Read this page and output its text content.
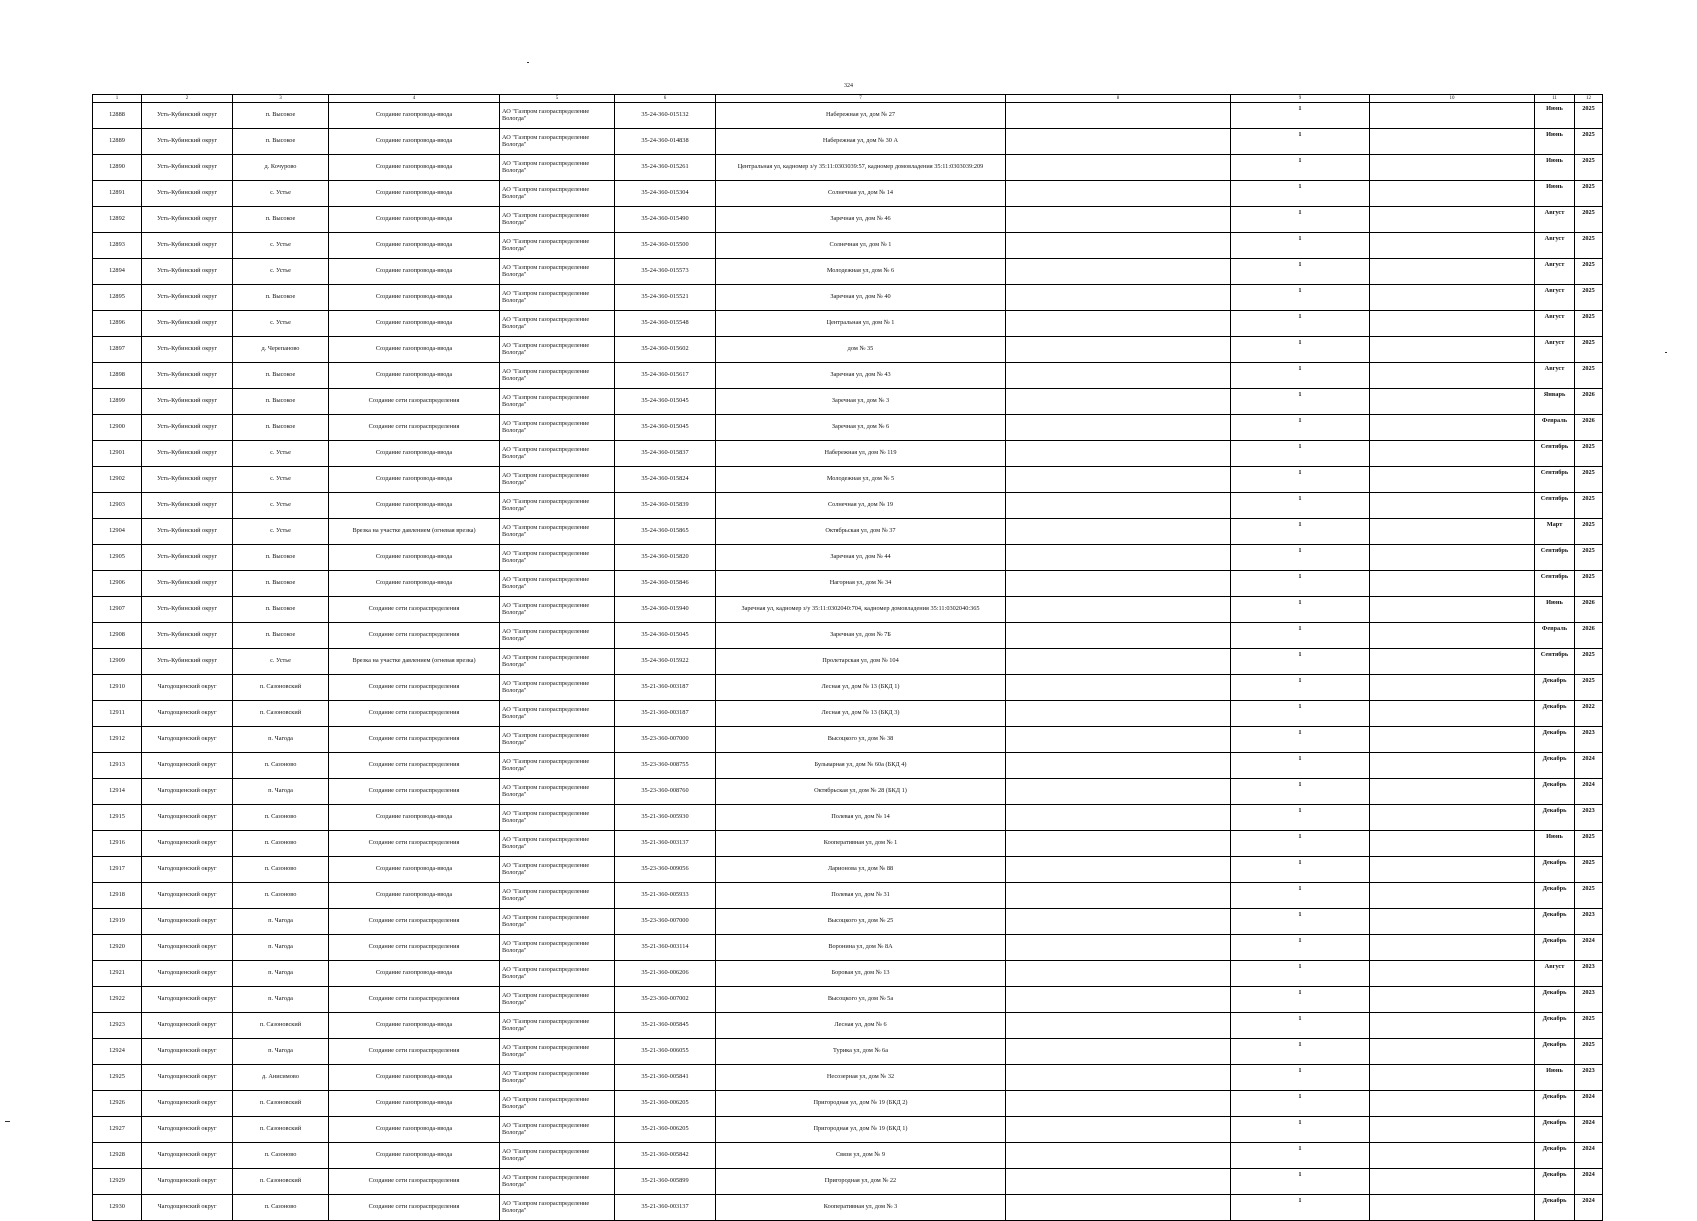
324
1	2	3	4	5	6	7	8	9	10	11	12
12888	Усть-Кубинский округ	п. Высокое	Создание газопровода-ввода	АО "Газпром газораспределение Вологда"	35-24-360-015132	Набережная ул, дом № 27		1		Июнь	2025
12889	Усть-Кубинский округ	п. Высокое	Создание газопровода-ввода	АО "Газпром газораспределение Вологда"	35-24-360-014838	Набережная ул, дом № 30 А		1		Июнь	2025
12890	Усть-Кубинский округ	д. Кочурово	Создание газопровода-ввода	АО "Газпром газораспределение Вологда"	35-24-360-015261	Центральная ул, кадномер з/у 35:11:0303039:57, кадномер домовладения 35:11:0303039:209		1		Июнь	2025
12891	Усть-Кубинский округ	с. Устье	Создание газопровода-ввода	АО "Газпром газораспределение Вологда"	35-24-360-015304	Солнечная ул, дом № 14		1		Июнь	2025
12892	Усть-Кубинский округ	п. Высокое	Создание газопровода-ввода	АО "Газпром газораспределение Вологда"	35-24-360-015490	Заречная ул, дом № 46		1		Август	2025
12893	Усть-Кубинский округ	с. Устье	Создание газопровода-ввода	АО "Газпром газораспределение Вологда"	35-24-360-015500	Солнечная ул, дом № 1		1		Август	2025
12894	Усть-Кубинский округ	с. Устье	Создание газопровода-ввода	АО "Газпром газораспределение Вологда"	35-24-360-015573	Молодежная ул, дом № 6		1		Август	2025
12895	Усть-Кубинский округ	п. Высокое	Создание газопровода-ввода	АО "Газпром газораспределение Вологда"	35-24-360-015521	Заречная ул, дом № 40		1		Август	2025
12896	Усть-Кубинский округ	с. Устье	Создание газопровода-ввода	АО "Газпром газораспределение Вологда"	35-24-360-015548	Центральная ул, дом № 1		1		Август	2025
12897	Усть-Кубинский округ	д. Черепаново	Создание газопровода-ввода	АО "Газпром газораспределение Вологда"	35-24-360-015602	дом № 35		1		Август	2025
12898	Усть-Кубинский округ	п. Высокое	Создание газопровода-ввода	АО "Газпром газораспределение Вологда"	35-24-360-015617	Заречная ул, дом № 43		1		Август	2025
12899	Усть-Кубинский округ	п. Высокое	Создание сети газораспределения	АО "Газпром газораспределение Вологда"	35-24-360-015045	Заречная ул, дом № 3		1		Январь	2026
12900	Усть-Кубинский округ	п. Высокое	Создание сети газораспределения	АО "Газпром газораспределение Вологда"	35-24-360-015045	Заречная ул, дом № 6		1		Февраль	2026
12901	Усть-Кубинский округ	с. Устье	Создание газопровода-ввода	АО "Газпром газораспределение Вологда"	35-24-360-015837	Набережная ул, дом № 119		1		Сентябрь	2025
12902	Усть-Кубинский округ	с. Устье	Создание газопровода-ввода	АО "Газпром газораспределение Вологда"	35-24-360-015824	Молодежная ул, дом № 5		1		Сентябрь	2025
12903	Усть-Кубинский округ	с. Устье	Создание газопровода-ввода	АО "Газпром газораспределение Вологда"	35-24-360-015839	Солнечная ул, дом № 19		1		Сентябрь	2025
12904	Усть-Кубинский округ	с. Устье	Врезка на участке давлением (огневая врезка)	АО "Газпром газораспределение Вологда"	35-24-360-015865	Октябрьская ул, дом № 37		1		Март	2025
12905	Усть-Кубинский округ	п. Высокое	Создание газопровода-ввода	АО "Газпром газораспределение Вологда"	35-24-360-015820	Заречная ул, дом № 44		1		Сентябрь	2025
12906	Усть-Кубинский округ	п. Высокое	Создание газопровода-ввода	АО "Газпром газораспределение Вологда"	35-24-360-015846	Нагорная ул, дом № 34		1		Сентябрь	2025
12907	Усть-Кубинский округ	п. Высокое	Создание сети газораспределения	АО "Газпром газораспределение Вологда"	35-24-360-015940	Заречная ул, кадномер з/у 35:11:0302040:704, кадномер домовладения 35:11:0302040:365		1		Июнь	2026
12908	Усть-Кубинский округ	п. Высокое	Создание сети газораспределения	АО "Газпром газораспределение Вологда"	35-24-360-015045	Заречная ул, дом № 7Б		1		Февраль	2026
12909	Усть-Кубинский округ	с. Устье	Врезка на участке давлением (огневая врезка)	АО "Газпром газораспределение Вологда"	35-24-360-015922	Пролетарская ул, дом № 104		1		Сентябрь	2025
12910	Чагодощенский округ	п. Сазоновский	Создание сети газораспределения	АО "Газпром газораспределение Вологда"	35-21-360-003187	Лесная ул, дом № 13 (БКД 1)		1		Декабрь	2025
12911	Чагодощенский округ	п. Сазоновский	Создание сети газораспределения	АО "Газпром газораспределение Вологда"	35-21-360-003187	Лесная ул, дом № 13 (БКД 3)		1		Декабрь	2022
12912	Чагодощенский округ	п. Чагода	Создание сети газораспределения	АО "Газпром газораспределение Вологда"	35-23-360-007000	Высоцкого ул, дом № 38		1		Декабрь	2023
12913	Чагодощенский округ	п. Сазоново	Создание сети газораспределения	АО "Газпром газораспределение Вологда"	35-23-360-008755	Бульварная ул, дом № 60а (БКД 4)		1		Декабрь	2024
12914	Чагодощенский округ	п. Чагода	Создание сети газораспределения	АО "Газпром газораспределение Вологда"	35-23-360-008760	Октябрьская ул, дом № 28 (БКД 1)		1		Декабрь	2024
12915	Чагодощенский округ	п. Сазоново	Создание газопровода-ввода	АО "Газпром газораспределение Вологда"	35-21-360-005930	Полевая ул, дом № 14		1		Декабрь	2023
12916	Чагодощенский округ	п. Сазоново	Создание сети газораспределения	АО "Газпром газораспределение Вологда"	35-21-360-003137	Кооперативная ул, дом № 1		1		Июнь	2025
12917	Чагодощенский округ	п. Сазоново	Создание газопровода-ввода	АО "Газпром газораспределение Вологда"	35-23-360-009056	Ларионова ул, дом № 88		1		Декабрь	2025
12918	Чагодощенский округ	п. Сазоново	Создание газопровода-ввода	АО "Газпром газораспределение Вологда"	35-21-360-005933	Полевая ул, дом № 31		1		Декабрь	2025
12919	Чагодощенский округ	п. Чагода	Создание сети газораспределения	АО "Газпром газораспределение Вологда"	35-23-360-007000	Высоцкого ул, дом № 25		1		Декабрь	2023
12920	Чагодощенский округ	п. Чагода	Создание сети газораспределения	АО "Газпром газораспределение Вологда"	35-21-360-003114	Воронина ул, дом № 8А		1		Декабрь	2024
12921	Чагодощенский округ	п. Чагода	Создание газопровода-ввода	АО "Газпром газораспределение Вологда"	35-21-360-006206	Боровая ул, дом № 13		1		Август	2023
12922	Чагодощенский округ	п. Чагода	Создание сети газораспределения	АО "Газпром газораспределение Вологда"	35-23-360-007002	Высоцкого ул, дом № 5а		1		Декабрь	2023
12923	Чагодощенский округ	п. Сазоновский	Создание газопровода-ввода	АО "Газпром газораспределение Вологда"	35-21-360-005845	Лесная ул, дом № 6		1		Декабрь	2025
12924	Чагодощенский округ	п. Чагода	Создание сети газораспределения	АО "Газпром газораспределение Вологда"	35-21-360-006055	Туpика ул, дом № 6а		1		Декабрь	2025
12925	Чагодощенский округ	д. Анисимово	Создание газопровода-ввода	АО "Газпром газораспределение Вологда"	35-21-360-005841	Несозерная ул, дом № 32		1		Июнь	2023
12926	Чагодощенский округ	п. Сазоновский	Создание газопровода-ввода	АО "Газпром газораспределение Вологда"	35-21-360-006205	Пригородная ул, дом № 19 (БКД 2)		1		Декабрь	2024
12927	Чагодощенский округ	п. Сазоновский	Создание газопровода-ввода	АО "Газпром газораспределение Вологда"	35-21-360-006205	Пригородная ул, дом № 19 (БКД 1)		1		Декабрь	2024
12928	Чагодощенский округ	п. Сазоново	Создание газопровода-ввода	АО "Газпром газораспределение Вологда"	35-21-360-005842	Связи ул, дом № 9		1		Декабрь	2024
12929	Чагодощенский округ	п. Сазоновский	Создание сети газораспределения	АО "Газпром газораспределение Вологда"	35-21-360-005899	Пригородная ул, дом № 22		1		Декабрь	2024
12930	Чагодощенский округ	п. Сазоново	Создание сети газораспределения	АО "Газпром газораспределение Вологда"	35-21-360-003137	Кооперативная ул, дом № 3		1		Декабрь	2024
